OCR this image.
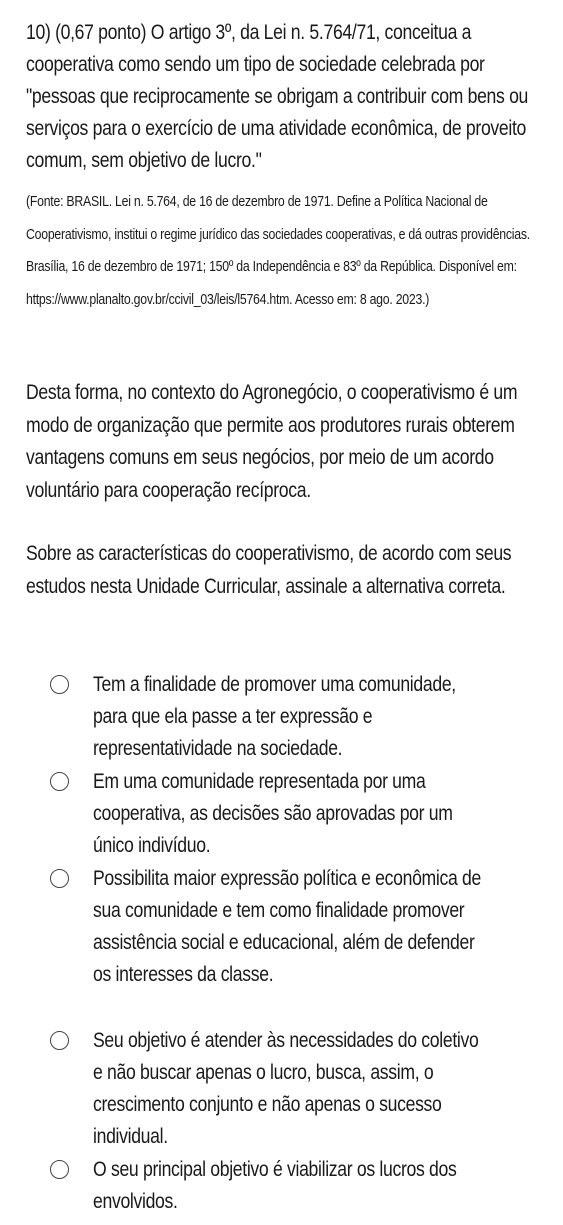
10) (0,67 ponto) O artigo 3º, da Lei n. 5.764/71, conceitua a cooperativa como sendo um tipo de sociedade celebrada por "pessoas que reciprocamente se obrigam a contribuir com bens ou serviços para o exercício de uma atividade econômica, de proveito comum, sem objetivo de lucro."
(Fonte: BRASIL. Lei n. 5.764, de 16 de dezembro de 1971. Define a Política Nacional de Cooperativismo, institui o regime jurídico das sociedades cooperativas, e dá outras providências. Brasília, 16 de dezembro de 1971; 150º da Independência e 83º da República. Disponível em: https://www.planalto.gov.br/ccivil_03/leis/l5764.htm. Acesso em: 8 ago. 2023.)
Desta forma, no contexto do Agronegócio, o cooperativismo é um modo de organização que permite aos produtores rurais obterem vantagens comuns em seus negócios, por meio de um acordo voluntário para cooperação recíproca.
Sobre as características do cooperativismo, de acordo com seus estudos nesta Unidade Curricular, assinale a alternativa correta.
Tem a finalidade de promover uma comunidade, para que ela passe a ter expressão e representatividade na sociedade.
Em uma comunidade representada por uma cooperativa, as decisões são aprovadas por um único indivíduo.
Possibilita maior expressão política e econômica de sua comunidade e tem como finalidade promover assistência social e educacional, além de defender os interesses da classe.
Seu objetivo é atender às necessidades do coletivo e não buscar apenas o lucro, busca, assim, o crescimento conjunto e não apenas o sucesso individual.
O seu principal objetivo é viabilizar os lucros dos envolvidos.
